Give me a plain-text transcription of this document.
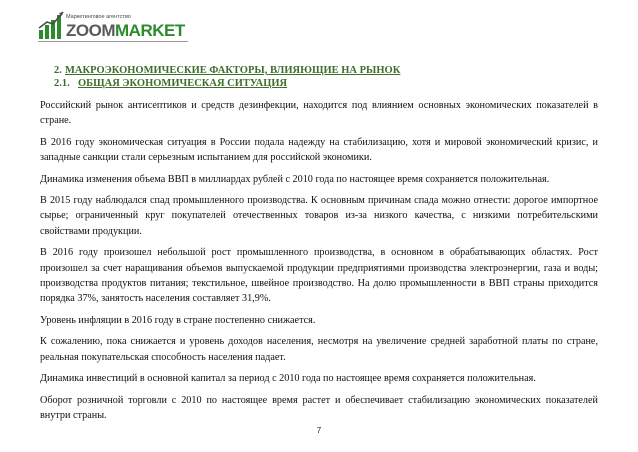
Маркетинговое агентство
ZOOMMARKET
2. МАКРОЭКОНОМИЧЕСКИЕ ФАКТОРЫ, ВЛИЯЮЩИЕ НА РЫНОК
2.1. ОБЩАЯ ЭКОНОМИЧЕСКАЯ СИТУАЦИЯ

Российский рынок антисептиков и средств дезинфекции, находится под влиянием основных экономических показателей в стране.

В 2016 году экономическая ситуация в России подала надежду на стабилизацию, хотя и мировой экономический кризис, и западные санкции стали серьезным испытанием для российской экономики.

Динамика изменения объема ВВП в миллиардах рублей с 2010 года по настоящее время сохраняется положительная.

В 2015 году наблюдался спад промышленного производства. К основным причинам спада можно отнести: дорогое импортное сырье; ограниченный круг покупателей отечественных товаров из-за низкого качества, с низкими потребительскими свойствами продукции.

В 2016 году произошел небольшой рост промышленного производства, в основном в обрабатывающих областях. Рост произошел за счет наращивания объемов выпускаемой продукции предприятиями производства электроэнергии, газа и воды; производства продуктов питания; текстильное, швейное производство. На долю промышленности в ВВП страны приходится порядка 37%, занятость населения составляет 31,9%.

Уровень инфляции в 2016 году в стране постепенно снижается.

К сожалению, пока снижается и уровень доходов населения, несмотря на увеличение средней заработной платы по стране, реальная покупательская способность населения падает.

Динамика инвестиций в основной капитал за период с 2010 года по настоящее время сохраняется положительная.

Оборот розничной торговли с 2010 по настоящее время растет и обеспечивает стабилизацию экономических показателей внутри страны.

7
